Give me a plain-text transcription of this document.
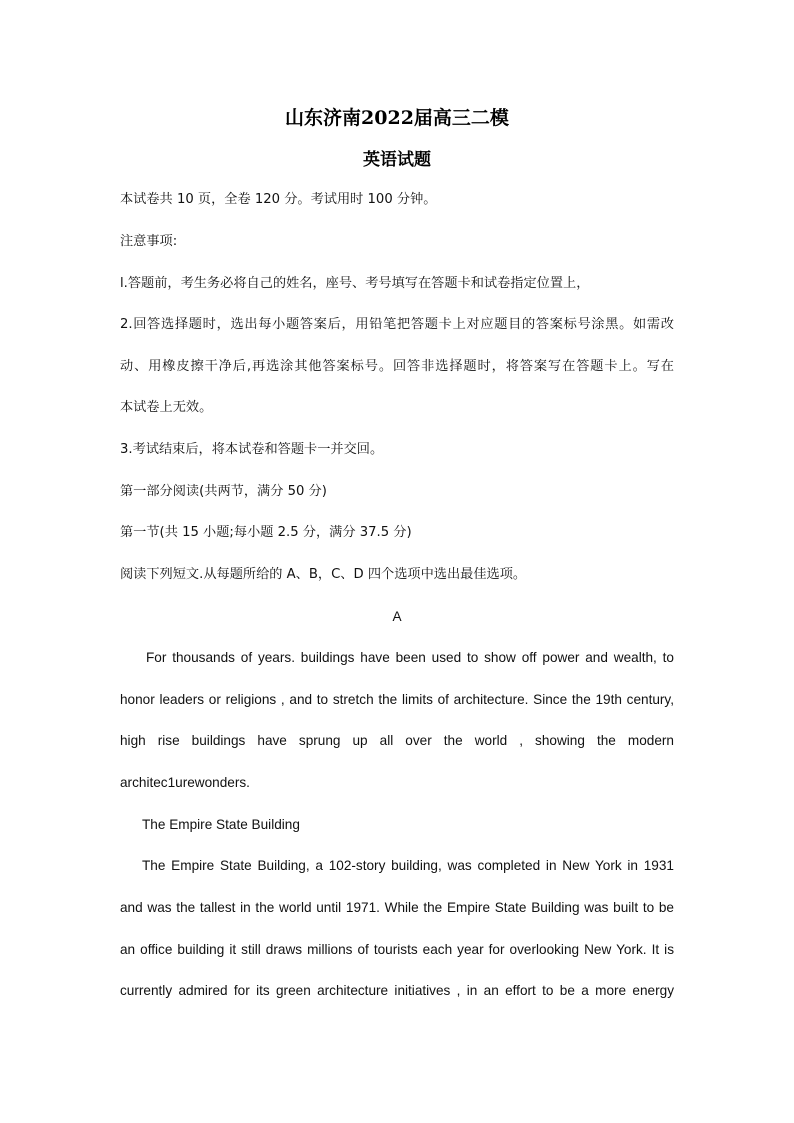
山东济南2022届高三二模
英语试题
本试卷共 10 页，全卷 120 分。考试用时 100 分钟。
注意事项:
l.答题前，考生务必将自己的姓名，座号、考号填写在答题卡和试卷指定位置上，
2.回答选择题时，选出每小题答案后，用铅笔把答题卡上对应题目的答案标号涂黑。如需改
动、用橡皮擦干净后,再选涂其他答案标号。回答非选择题时，将答案写在答题卡上。写在
本试卷上无效。
3.考试结束后，将本试卷和答题卡一并交回。
第一部分阅读(共两节，满分 50 分)
第一节(共 15 小题;每小题 2.5 分，满分 37.5 分)
阅读下列短文.从每题所给的 A、B，C、D 四个选项中选出最佳选项。
A
For thousands of years. buildings have been used to show off power and wealth, to
honor leaders or religions , and to stretch the limits of architecture. Since the 19th century,
high rise buildings have sprung up all over the world , showing the modern
architec1urewonders.
The Empire State Building
The Empire State Building, a 102-story building, was completed in New York in 1931
and was the tallest in the world until 1971. While the Empire State Building was built to be
an office building it still draws millions of tourists each year for overlooking New York. It is
currently admired for its green architecture initiatives , in an effort to be a more energy
